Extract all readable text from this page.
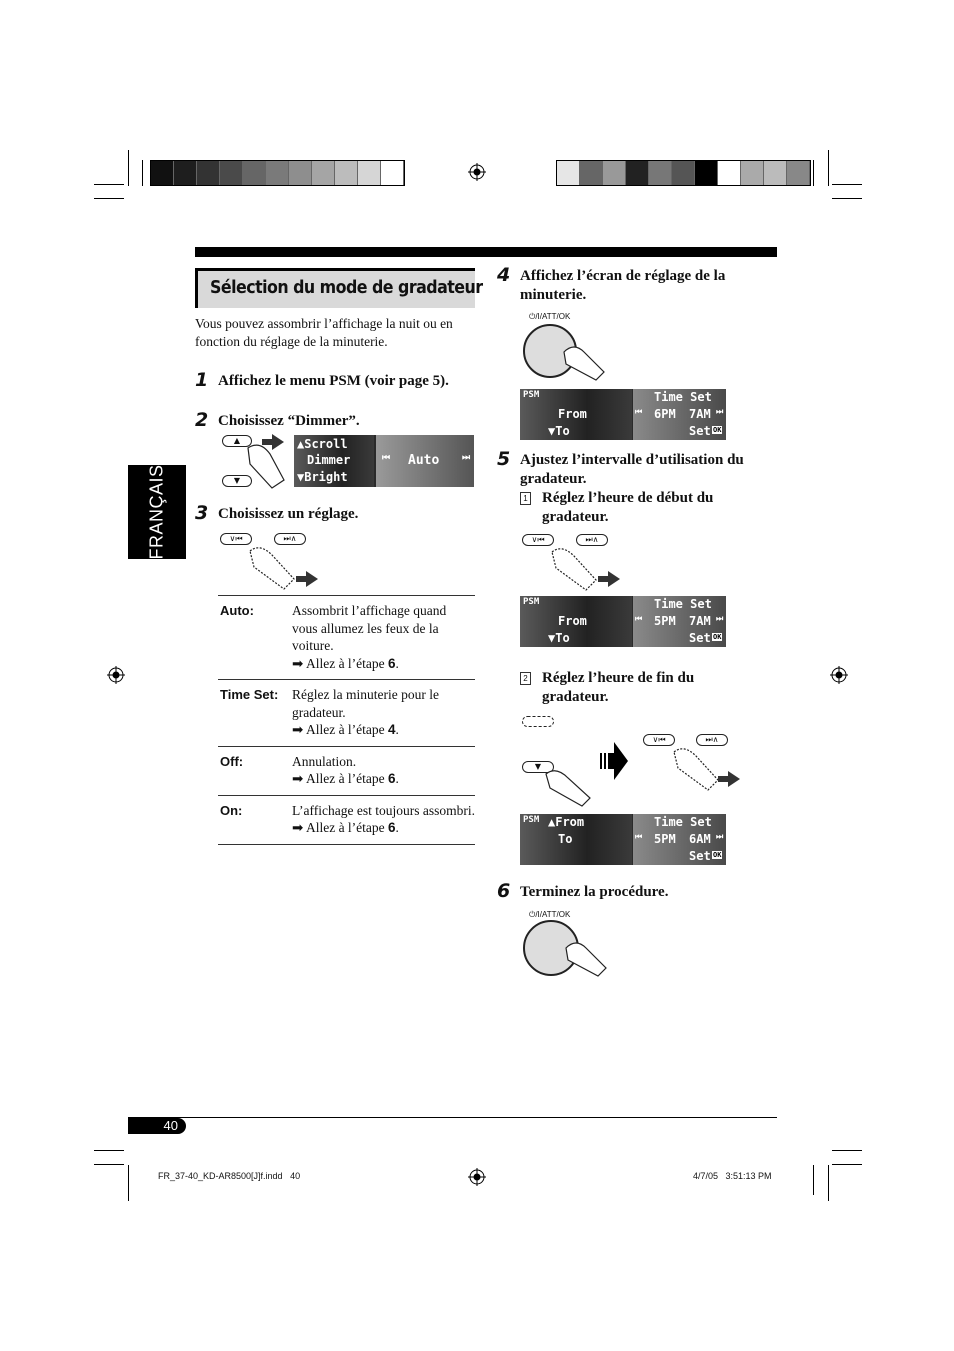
FRANÇAIS
Sélection du mode de gradateur
Vous pouvez assombrir l’affichage la nuit ou en fonction du réglage de la minuterie.
1 Affichez le menu PSM (voir page 5).
2 Choisissez “Dimmer”.
▲
▼
▲Scroll
Dimmer
▼Bright
⏮ Auto	⏭
3 Choisissez un réglage.
∨⏮	⏭∧
Auto:	Assombrit l’affichage quand vous allumez les feux de la voiture.
➡ Allez à l’étape 6.
Time Set:	Réglez la minuterie pour le gradateur.
➡ Allez à l’étape 4.
Off:	Annulation.
➡ Allez à l’étape 6.
On:	L’affichage est toujours assombri.
➡ Allez à l’étape 6.
4 Affichez l’écran de réglage de la minuterie.
⏻/I/ATT/OK
PSM
From
▼To
Time Set
⏮ 6PM 7AM ⏭
Set OK
5 Ajustez l’intervalle d’utilisation du gradateur.
1 Réglez l’heure de début du gradateur.
∨⏮	⏭∧
PSM
From
▼To
Time Set
⏮ 5PM 7AM ⏭
Set OK
2 Réglez l’heure de fin du gradateur.
▼
∨⏮	⏭∧
PSM ▲From
To
Time Set
⏮ 5PM 6AM ⏭
Set OK
6 Terminez la procédure.
⏻/I/ATT/OK
40
FR_37-40_KD-AR8500[J]f.indd   40	4/7/05   3:51:13 PM
